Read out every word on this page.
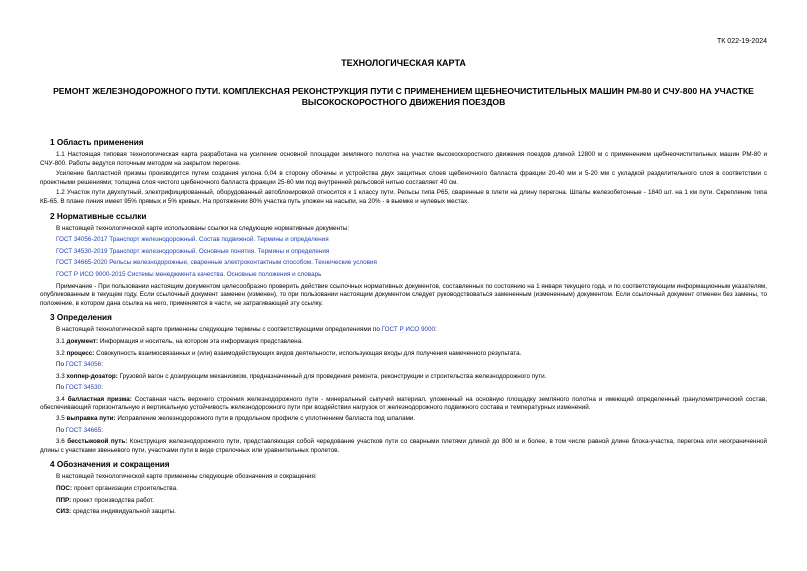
ТК 022-19-2024
ТЕХНОЛОГИЧЕСКАЯ КАРТА
РЕМОНТ ЖЕЛЕЗНОДОРОЖНОГО ПУТИ. КОМПЛЕКСНАЯ РЕКОНСТРУКЦИЯ ПУТИ С ПРИМЕНЕНИЕМ ЩЕБНЕОЧИСТИТЕЛЬНЫХ МАШИН РМ-80 И СЧУ-800 НА УЧАСТКЕ ВЫСОКОСКОРОСТНОГО ДВИЖЕНИЯ ПОЕЗДОВ
1 Область применения

1.1 Настоящая типовая технологическая карта разработана на усиление основной площадки земляного полотна на участке высокоскоростного движения поездов длиной 12800 м с применением щебнеочистительных машин РМ-80 и СЧУ-800. Работы ведутся поточным методом на закрытом перегоне.

Усиление балластной призмы производится путем создания уклона 0,04 в сторону обочины и устройства двух защитных слоев щебеночного балласта фракции 20-40 мм и 5-20 мм с укладкой разделительного слоя в соответствии с проектными решениями; толщина слоя чистого щебеночного балласта фракции 25-60 мм под внутренней рельсовой нитью составляет 40 см.

1.2 Участок пути двухпутный, электрифицированный, оборудованный автоблокировкой относится к 1 классу пути. Рельсы типа Р65, сваренные в плети на длину перегона. Шпалы железобетонные - 1840 шт. на 1 км пути. Скрепление типа КБ-65. В плане линия имеет 95% прямых и 5% кривых. На протяжении 80% участка путь уложен на насыпи, на 20% - в выемке и нулевых местах.

2 Нормативные ссылки

В настоящей технологической карте использованы ссылки на следующие нормативные документы:

ГОСТ 34056-2017 Транспорт железнодорожный. Состав подвижной. Термины и определения

ГОСТ 34530-2019 Транспорт железнодорожный. Основные понятия. Термины и определения

ГОСТ 34665-2020 Рельсы железнодорожные, сваренные электроконтактным способом. Технические условия

ГОСТ Р ИСО 9000-2015 Системы менеджмента качества. Основные положения и словарь

Примечание - При пользовании настоящим документом целесообразно проверить действие ссылочных нормативных документов, составленных по состоянию на 1 января текущего года, и по соответствующим информационным указателям, опубликованным в текущем году. Если ссылочный документ заменен (изменен), то при пользовании настоящим документом следует руководствоваться замененным (измененным) документом. Если ссылочный документ отменен без замены, то положение, в котором дана ссылка на него, применяется в части, не затрагивающей эту ссылку.

3 Определения

В настоящей технологической карте применены следующие термины с соответствующими определениями по ГОСТ Р ИСО 9000:

3.1 документ: Информация и носитель, на котором эта информация представлена.

3.2 процесс: Совокупность взаимосвязанных и (или) взаимодействующих видов деятельности, использующая входы для получения намеченного результата.

По ГОСТ 34056:

3.3 хоппер-дозатор: Грузовой вагон с дозирующим механизмом, предназначенный для проведения ремонта, реконструкции и строительства железнодорожного пути.

По ГОСТ 34530:

3.4 балластная призма: Составная часть верхнего строения железнодорожного пути - минеральный сыпучий материал, уложенный на основную площадку земляного полотна и имеющий определенный гранулометрический состав, обеспечивающий горизонтальную и вертикальную устойчивость железнодорожного пути при воздействии нагрузок от железнодорожного подвижного состава и температурных изменений.

3.5 выправка пути: Исправление железнодорожного пути в продольном профиле с уплотнением балласта под шпалами.

По ГОСТ 34665:

3.6 бесстыковой путь: Конструкция железнодорожного пути, представляющая собой чередование участков пути со сварными плетями длиной до 800 м и более, в том числе равной длине блока-участка, перегона или неограниченной длины с участками звеньевого пути, участками пути в виде стрелочных или уравнительных пролетов.

4 Обозначения и сокращения

В настоящей технологической карте применены следующие обозначения и сокращения:

ПОС: проект организации строительства.

ППР: проект производства работ.

СИЗ: средства индивидуальной защиты.
